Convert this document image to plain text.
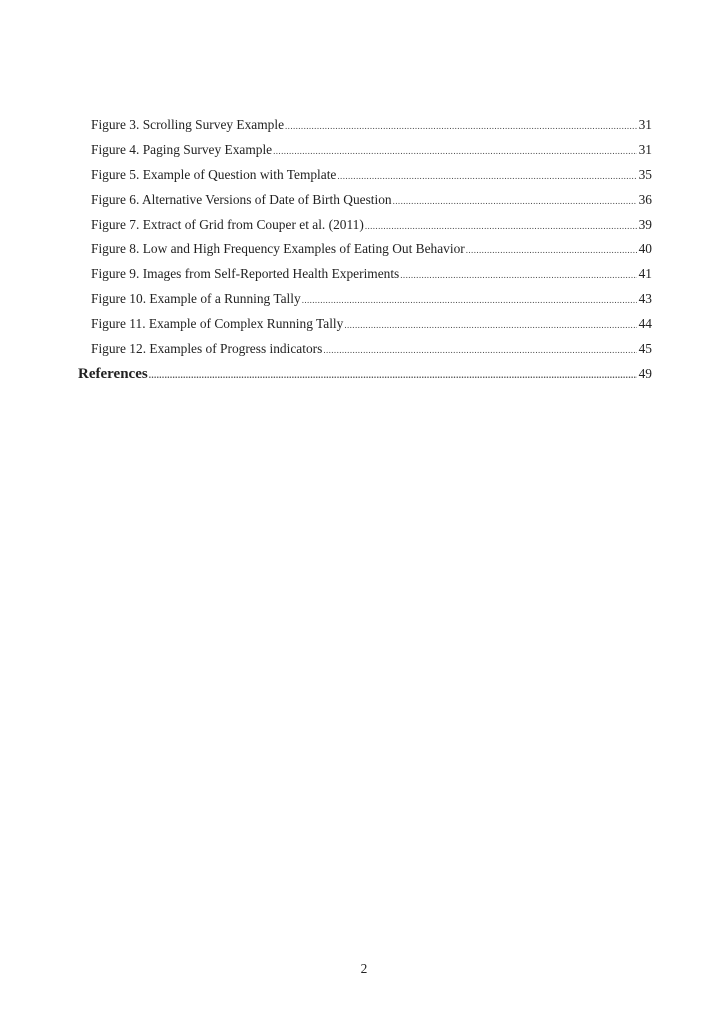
Figure 3. Scrolling Survey Example .....	31
Figure 4. Paging Survey Example .....	31
Figure 5. Example of Question with Template .....	35
Figure 6. Alternative Versions of Date of Birth Question .....	36
Figure 7. Extract of Grid from Couper et al. (2011) .....	39
Figure 8. Low and High Frequency Examples of Eating Out Behavior .....	40
Figure 9. Images from Self-Reported Health Experiments .....	41
Figure 10. Example of a Running Tally .....	43
Figure 11. Example of Complex Running Tally .....	44
Figure 12. Examples of Progress indicators .....	45
References .....	49
2
